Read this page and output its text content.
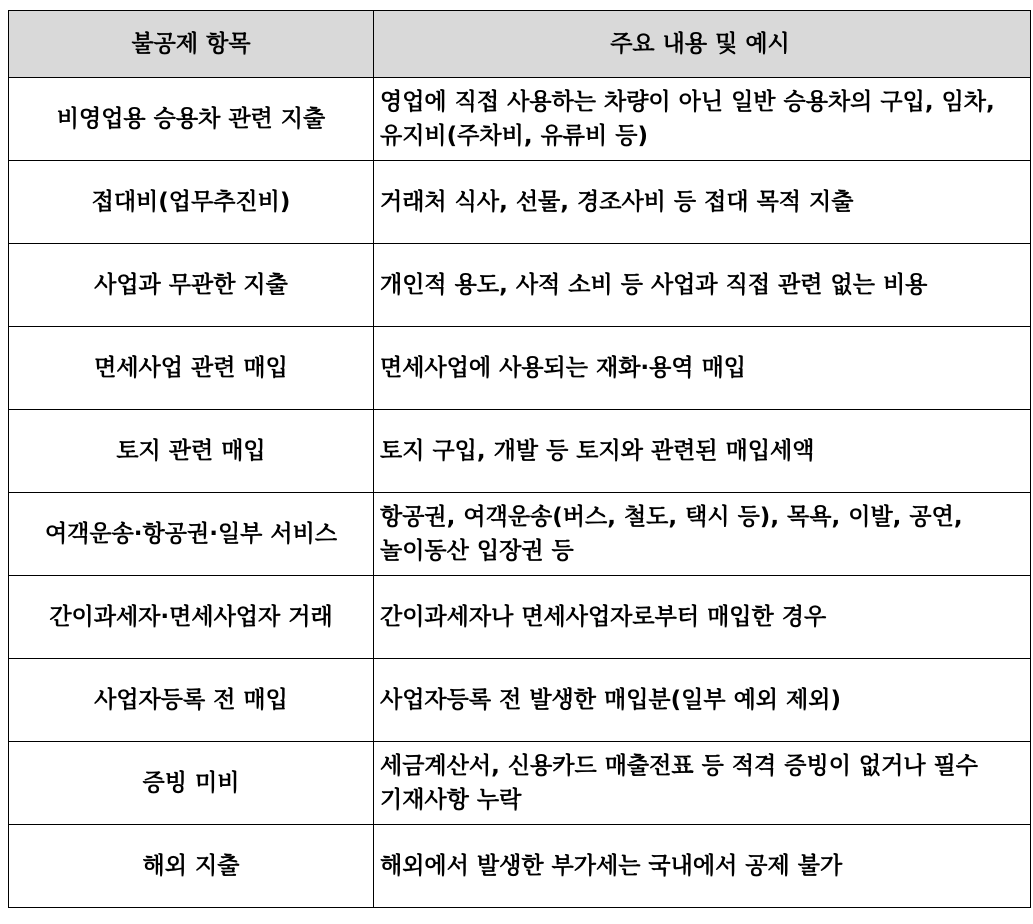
불공제 항목	주요 내용 및 예시
비영업용 승용차 관련 지출	영업에 직접 사용하는 차량이 아닌 일반 승용차의 구입, 임차, 유지비(주차비, 유류비 등)
접대비(업무추진비)	거래처 식사, 선물, 경조사비 등 접대 목적 지출
사업과 무관한 지출	개인적 용도, 사적 소비 등 사업과 직접 관련 없는 비용
면세사업 관련 매입	면세사업에 사용되는 재화·용역 매입
토지 관련 매입	토지 구입, 개발 등 토지와 관련된 매입세액
여객운송·항공권·일부 서비스	항공권, 여객운송(버스, 철도, 택시 등), 목욕, 이발, 공연, 놀이동산 입장권 등
간이과세자·면세사업자 거래	간이과세자나 면세사업자로부터 매입한 경우
사업자등록 전 매입	사업자등록 전 발생한 매입분(일부 예외 제외)
증빙 미비	세금계산서, 신용카드 매출전표 등 적격 증빙이 없거나 필수 기재사항 누락
해외 지출	해외에서 발생한 부가세는 국내에서 공제 불가
